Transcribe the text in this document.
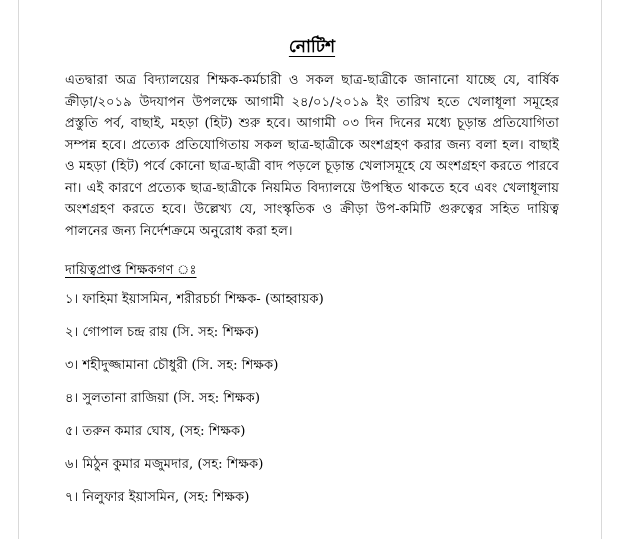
নোটিশ

এতদ্বারা অত্র বিদ্যালয়ের শিক্ষক-কর্মচারী ও সকল ছাত্র-ছাত্রীকে জানানো যাচ্ছে যে, বার্ষিক ক্রীড়া/২০১৯ উদযাপন উপলক্ষে আগামী ২৪/০১/২০১৯ ইং তারিখ হতে খেলাধূলা সমূহের প্রস্তুতি পর্ব, বাছাই, মহড়া (হিট) শুরু হবে। আগামী ০৩ দিন দিনের মধ্যে চূড়ান্ত প্রতিযোগিতা সম্পন্ন হবে। প্রত্যেক প্রতিযোগিতায় সকল ছাত্র-ছাত্রীকে অংশগ্রহণ করার জন্য বলা হল। বাছাই ও মহড়া (হিট) পর্বে কোনো ছাত্র-ছাত্রী বাদ পড়লে চূড়ান্ত খেলাসমূহে যে অংশগ্রহণ করতে পারবে না। এই কারণে প্রত্যেক ছাত্র-ছাত্রীকে নিয়মিত বিদ্যালয়ে উপস্থিত থাকতে হবে এবং খেলাধূলায় অংশগ্রহণ করতে হবে। উল্লেখ্য যে, সাংস্কৃতিক ও ক্রীড়া উপ-কমিটি গুরুত্বের সহিত দায়িত্ব পালনের জন্য নির্দেশক্রমে অনুরোধ করা হল।

দায়িত্বপ্রাপ্ত শিক্ষকগণ ঃ
১। ফাহিমা ইয়াসমিন, শরীরচর্চা শিক্ষক- (আহ্বায়ক)
২। গোপাল চন্দ্র রায় (সি. সহ: শিক্ষক)
৩। শহীদুজ্জামানা চৌধুরী (সি. সহ: শিক্ষক)
৪। সুলতানা রাজিয়া (সি. সহ: শিক্ষক)
৫। তরুন কমার ঘোষ, (সহ: শিক্ষক)
৬। মিঠুন কুমার মজুমদার, (সহ: শিক্ষক)
৭। নিলুফার ইয়াসমিন, (সহ: শিক্ষক)
